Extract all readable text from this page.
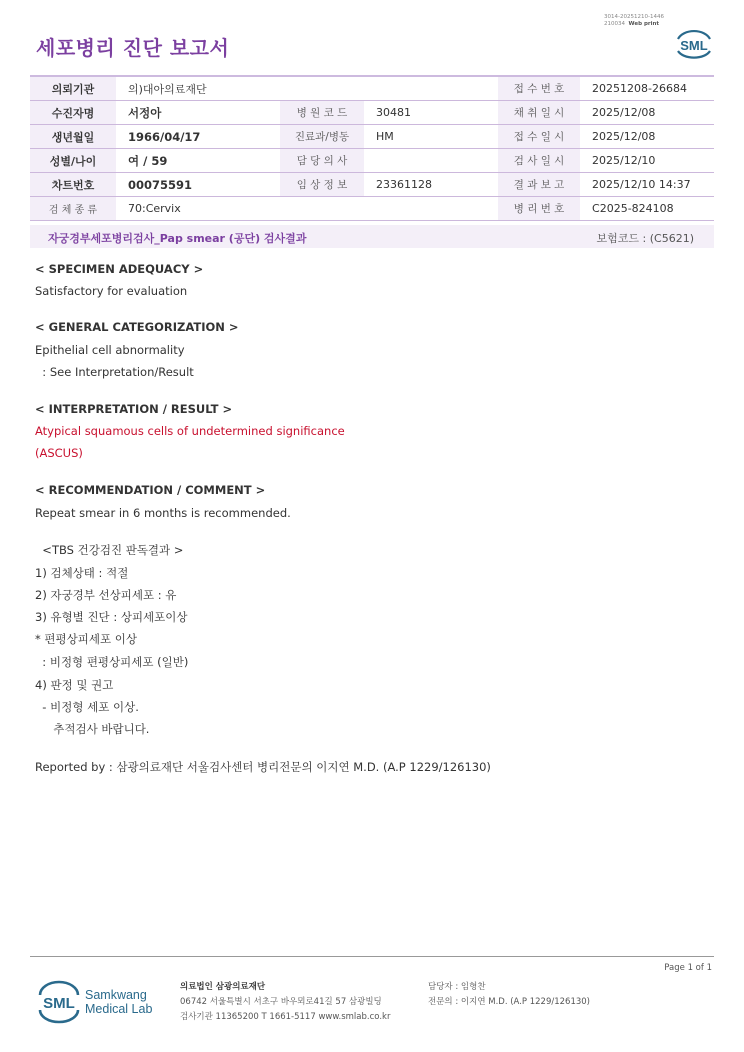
3014-20251210-1446
210034 Web print
세포병리 진단 보고서	SML
의뢰기관	의)대아의료재단			접 수 번 호	20251208-26684
수진자명	서정아	병 원 코 드	30481	채 취 일 시	2025/12/08
생년월일	1966/04/17	진료과/병동	HM	접 수 일 시	2025/12/08
성별/나이	여 / 59	담 당 의 사		검 사 일 시	2025/12/10
차트번호	00075591	임 상 정 보	23361128	결 과 보 고	2025/12/10 14:37
검 체 종 류	70:Cervix			병 리 번 호	C2025-824108
자궁경부세포병리검사_Pap smear (공단) 검사결과	보험코드 : (C5621)
< SPECIMEN ADEQUACY >
Satisfactory for evaluation
< GENERAL CATEGORIZATION >
Epithelial cell abnormality
: See Interpretation/Result
< INTERPRETATION / RESULT >
Atypical squamous cells of undetermined significance
(ASCUS)
< RECOMMENDATION / COMMENT >
Repeat smear in 6 months is recommended.
<TBS 건강검진 판독결과 >
1) 검체상태 : 적절
2) 자궁경부 선상피세포 : 유
3) 유형별 진단 : 상피세포이상
* 편평상피세포 이상
: 비정형 편평상피세포 (일반)
4) 판정 및 권고
- 비정형 세포 이상.
추적검사 바랍니다.
Reported by : 삼광의료재단 서울검사센터 병리전문의 이지연 M.D. (A.P 1229/126130)
Page 1 of 1
SML Samkwang
Medical Lab
의료법인 삼광의료재단
06742 서울특별시 서초구 바우뫼로41길 57 삼광빌딩
검사기관 11365200 T 1661-5117 www.smlab.co.kr
담당자 : 임형찬
전문의 : 이지연 M.D. (A.P 1229/126130)
